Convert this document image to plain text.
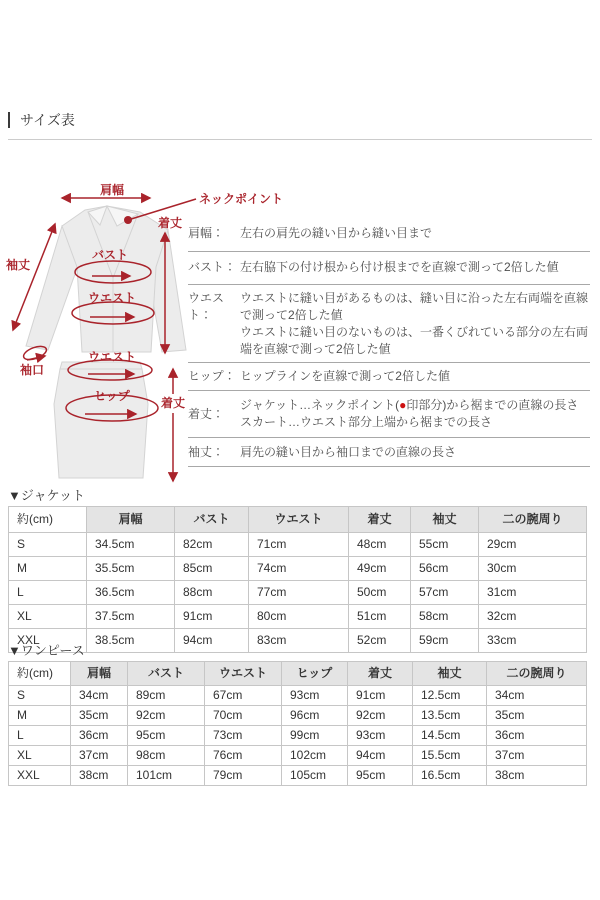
サイズ表
肩幅
ネックポイント
着丈
袖丈
バスト
ウエスト
袖口
ウエスト
ヒップ	着丈
肩幅：	左右の肩先の縫い目から縫い目まで
バスト： 左右脇下の付け根から付け根までを直線で測って2倍した値
ウエスト：
ウエストに縫い目があるものは、縫い目に沿った左右両端を直線で測って2倍した値
ウエストに縫い目のないものは、一番くびれている部分の左右両端を直線で測って2倍した値
ヒップ： ヒップラインを直線で測って2倍した値
着丈：
ジャケット…ネックポイント(●印部分)から裾までの直線の長さ
スカート…ウエスト部分上端から裾までの長さ
袖丈：	肩先の縫い目から袖口までの直線の長さ
▼ジャケット
約(cm)	肩幅	バスト	ウエスト	着丈	袖丈	二の腕周り
S	34.5cm	82cm	71cm	48cm	55cm	29cm
M	35.5cm	85cm	74cm	49cm	56cm	30cm
L	36.5cm	88cm	77cm	50cm	57cm	31cm
XL	37.5cm	91cm	80cm	51cm	58cm	32cm
XXL	38.5cm	94cm	83cm	52cm	59cm	33cm
▼ワンピース
約(cm)	肩幅	バスト	ウエスト	ヒップ	着丈	袖丈	二の腕周り
S	34cm	89cm	67cm	93cm	91cm	12.5cm	34cm
M	35cm	92cm	70cm	96cm	92cm	13.5cm	35cm
L	36cm	95cm	73cm	99cm	93cm	14.5cm	36cm
XL	37cm	98cm	76cm	102cm	94cm	15.5cm	37cm
XXL	38cm	101cm	79cm	105cm	95cm	16.5cm	38cm
